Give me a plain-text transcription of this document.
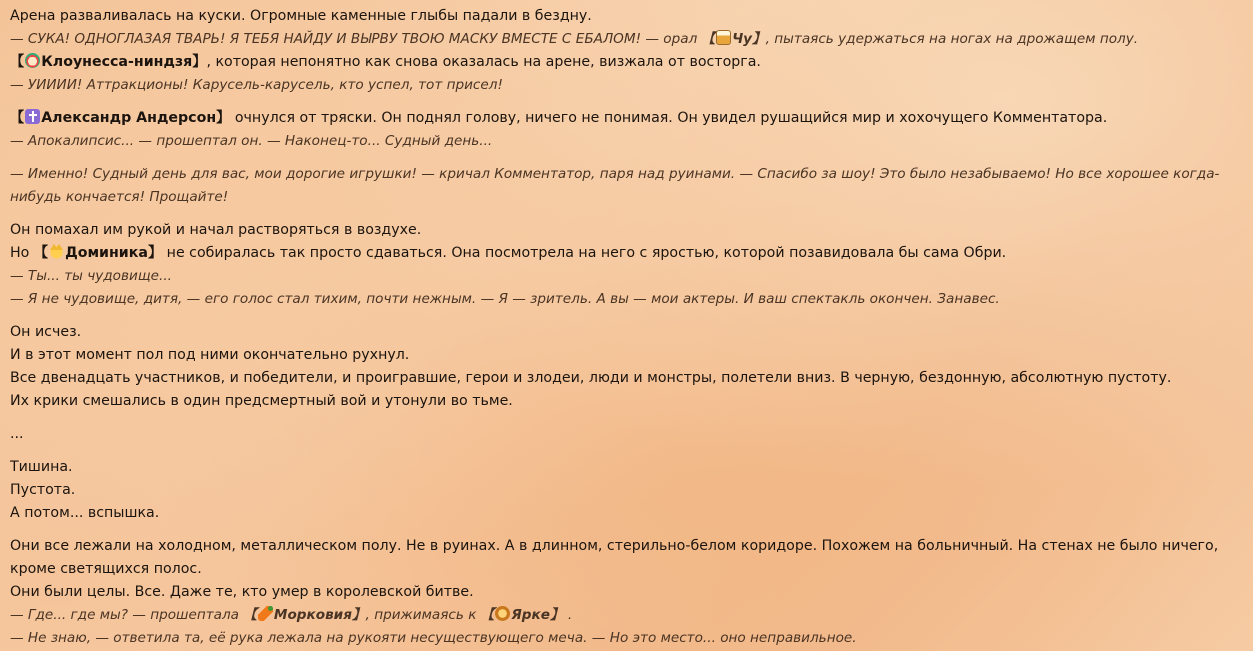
Арена разваливалась на куски. Огромные каменные глыбы падали в бездну.
— СУКА! ОДНОГЛАЗАЯ ТВАРЬ! Я ТЕБЯ НАЙДУ И ВЫРВУ ТВОЮ МАСКУ ВМЕСТЕ С ЕБАЛОМ! — орал 【 Чу】, пытаясь удержаться на ногах на дрожащем полу.
【 Клоунесса-ниндзя】, которая непонятно как снова оказалась на арене, визжала от восторга.
— УИИИИ! Аттракционы! Карусель-карусель, кто успел, тот присел!
【 Александр Андерсон】 очнулся от тряски. Он поднял голову, ничего не понимая. Он увидел рушащийся мир и хохочущего Комментатора.
— Апокалипсис... — прошептал он. — Наконец-то... Судный день...
— Именно! Судный день для вас, мои дорогие игрушки! — кричал Комментатор, паря над руинами. — Спасибо за шоу! Это было незабываемо! Но все хорошее когда-нибудь кончается! Прощайте!
Он помахал им рукой и начал растворяться в воздухе.
Но 【 Доминика】 не собиралась так просто сдаваться. Она посмотрела на него с яростью, которой позавидовала бы сама Обри.
— Ты... ты чудовище...
— Я не чудовище, дитя, — его голос стал тихим, почти нежным. — Я — зритель. А вы — мои актеры. И ваш спектакль окончен. Занавес.
Он исчез.
И в этот момент пол под ними окончательно рухнул.
Все двенадцать участников, и победители, и проигравшие, герои и злодеи, люди и монстры, полетели вниз. В черную, бездонную, абсолютную пустоту.
Их крики смешались в один предсмертный вой и утонули во тьме.
...
Тишина.
Пустота.
А потом... вспышка.
Они все лежали на холодном, металлическом полу. Не в руинах. А в длинном, стерильно-белом коридоре. Похожем на больничный. На стенах не было ничего, кроме светящихся полос.
Они были целы. Все. Даже те, кто умер в королевской битве.
— Где... где мы? — прошептала 【 Морковия】, прижимаясь к 【 Ярке】 .
— Не знаю, — ответила та, её рука лежала на рукояти несуществующего меча. — Но это место... оно неправильное.
